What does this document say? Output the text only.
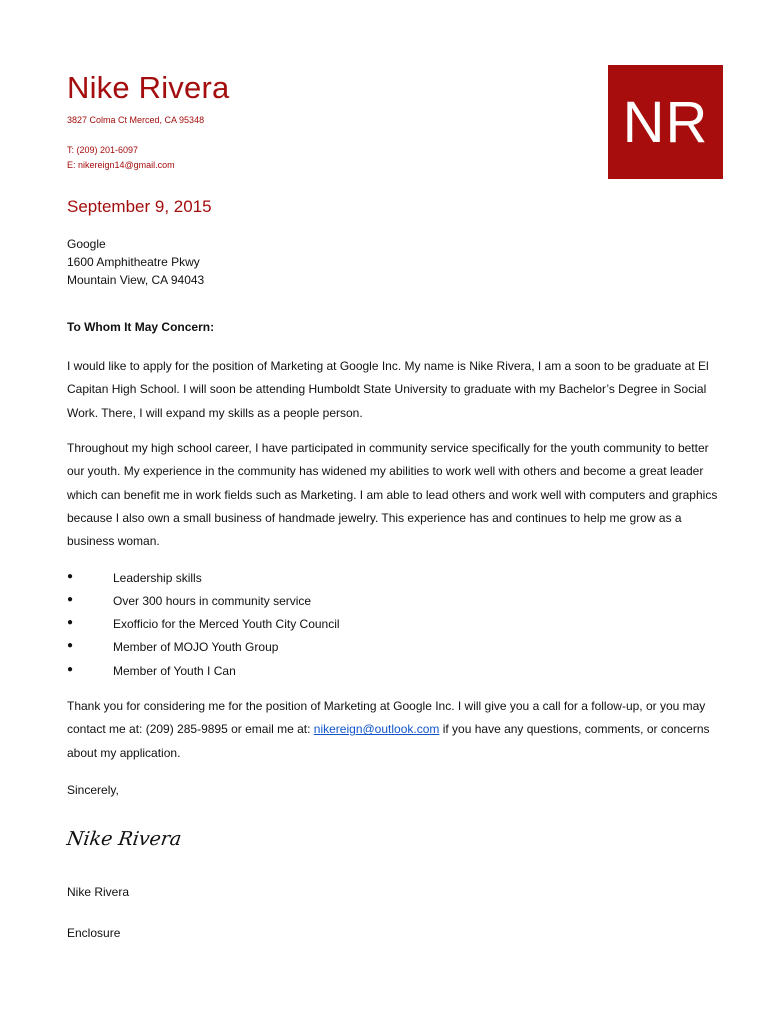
Nike Rivera
3827 Colma Ct Merced, CA 95348
T: (209) 201-6097
E: nikereign14@gmail.com
NR
September 9, 2015
Google
1600 Amphitheatre Pkwy
Mountain View, CA 94043
To Whom It May Concern:

I would like to apply for the position of Marketing at Google Inc. My name is Nike Rivera, I am a soon to be graduate at El Capitan High School. I will soon be attending Humboldt State University to graduate with my Bachelor’s Degree in Social Work. There, I will expand my skills as a people person.

Throughout my high school career, I have participated in community service specifically for the youth community to better our youth. My experience in the community has widened my abilities to work well with others and become a great leader which can benefit me in work fields such as Marketing. I am able to lead others and work well with computers and graphics because I also own a small business of handmade jewelry. This experience has and continues to help me grow as a business woman.

●	Leadership skills
●	Over 300 hours in community service
●	Exofficio for the Merced Youth City Council
●	Member of MOJO Youth Group
●	Member of Youth I Can

Thank you for considering me for the position of Marketing at Google Inc. I will give you a call for a follow-up, or you may contact me at: (209) 285-9895 or email me at: nikereign@outlook.com if you have any questions, comments, or concerns about my application.

Sincerely,
Nike Rivera
Nike Rivera
Enclosure
